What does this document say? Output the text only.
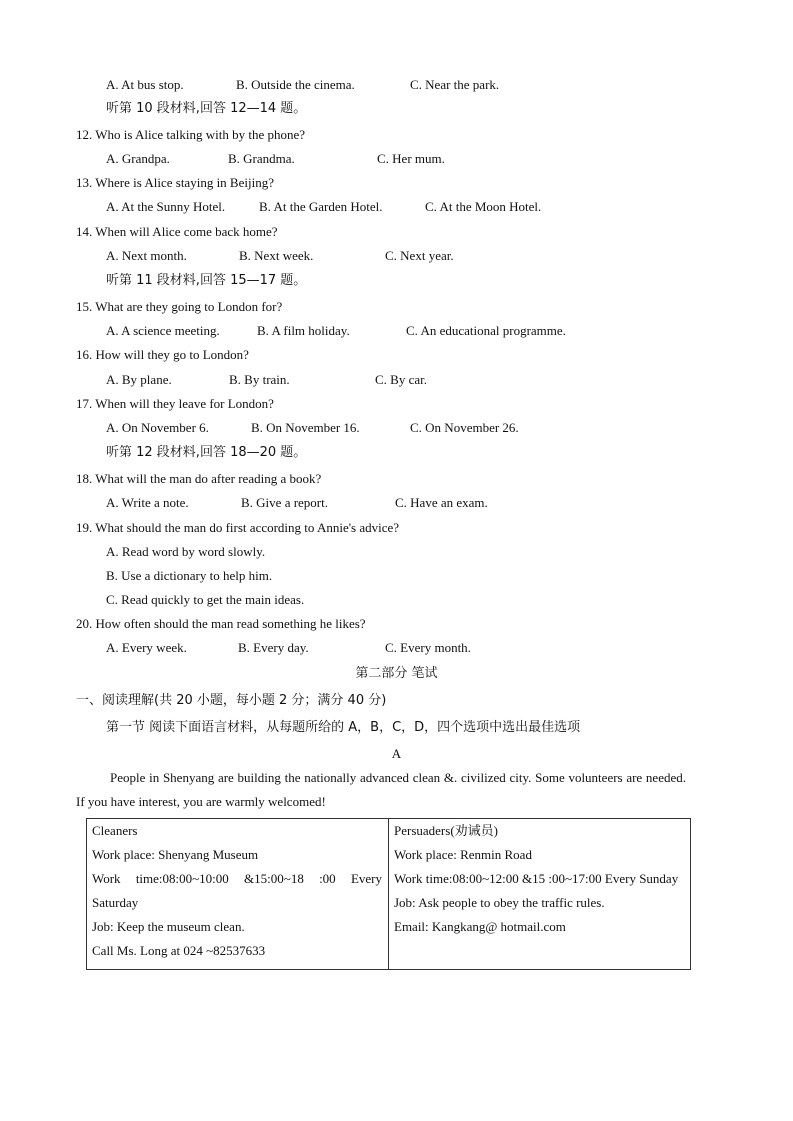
A. At bus stop.	B. Outside the cinema.	C. Near the park.
听第 10 段材料,回答 12—14 题。
12. Who is Alice talking with by the phone?
A. Grandpa.	B. Grandma.	C. Her mum.
13. Where is Alice staying in Beijing?
A. At the Sunny Hotel.	B. At the Garden Hotel.	C. At the Moon Hotel.
14. When will Alice come back home?
A. Next month.	B. Next week.	C. Next year.
听第 11 段材料,回答 15—17 题。
15. What are they going to London for?
A. A science meeting.	B. A film holiday.	C. An educational programme.
16. How will they go to London?
A. By plane.	B. By train.	C. By car.
17. When will they leave for London?
A. On November 6.	B. On November 16.	C. On November 26.
听第 12 段材料,回答 18—20 题。
18. What will the man do after reading a book?
A. Write a note.	B. Give a report.	C. Have an exam.
19. What should the man do first according to Annie's advice?
A. Read word by word slowly.
B. Use a dictionary to help him.
C. Read quickly to get the main ideas.
20. How often should the man read something he likes?
A. Every week.	B. Every day.	C. Every month.
第二部分 笔试
一、阅读理解(共 20 小题，每小题 2 分；满分 40 分)
第一节 阅读下面语言材料，从每题所给的 A，B，C，D，四个选项中选出最佳选项
A
People in Shenyang are building the nationally advanced clean &. civilized city. Some volunteers are needed. If you have interest, you are warmly welcomed!
Cleaners
Work place: Shenyang Museum
Work time:08:00~10:00 &15:00~18 :00 Every Saturday
Job: Keep the museum clean.
Call Ms. Long at 024 ~82537633

Persuaders(劝诫员)
Work place: Renmin Road
Work time:08:00~12:00 &15 :00~17:00 Every Sunday
Job: Ask people to obey the traffic rules.
Email: Kangkang@ hotmail.com
